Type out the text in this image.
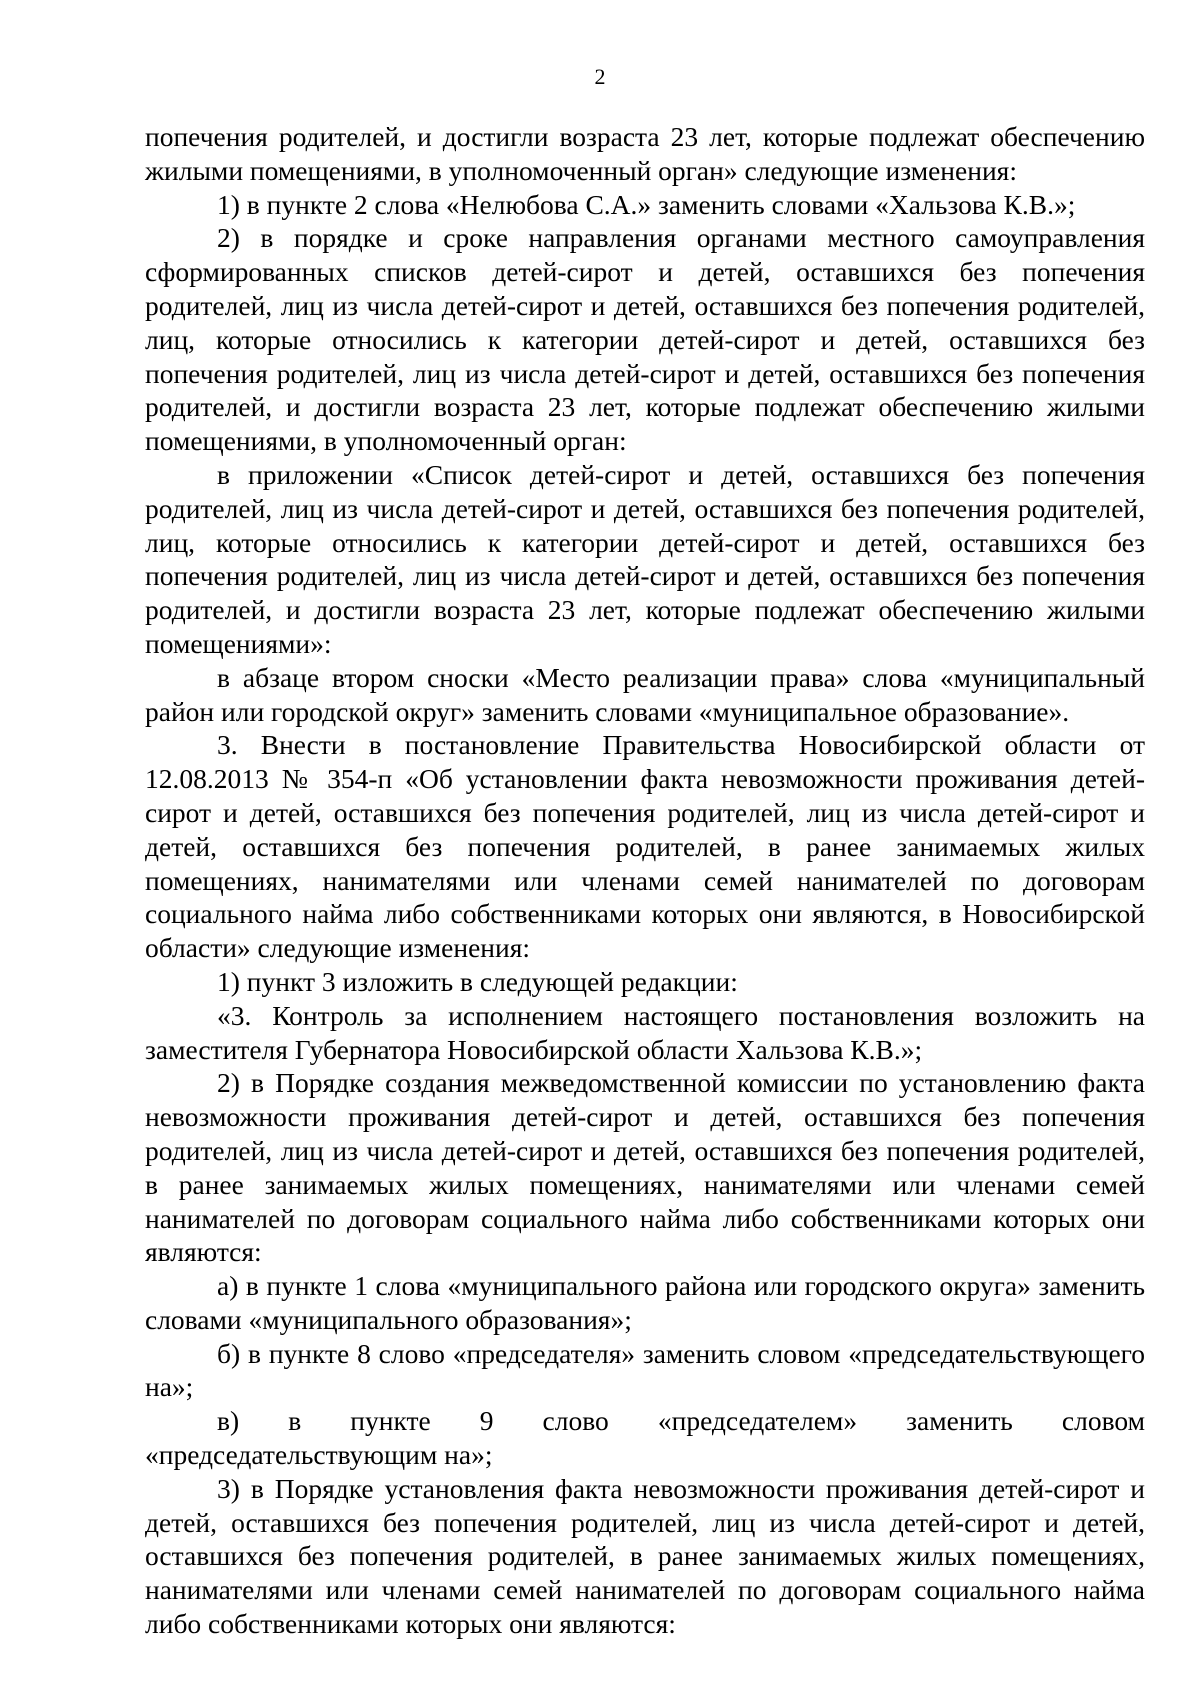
2

попечения родителей, и достигли возраста 23 лет, которые подлежат обеспечению жилыми помещениями, в уполномоченный орган» следующие изменения:

1) в пункте 2 слова «Нелюбова С.А.» заменить словами «Хальзова К.В.»;

2) в порядке и сроке направления органами местного самоуправления сформированных списков детей-сирот и детей, оставшихся без попечения родителей, лиц из числа детей-сирот и детей, оставшихся без попечения родителей, лиц, которые относились к категории детей-сирот и детей, оставшихся без попечения родителей, лиц из числа детей-сирот и детей, оставшихся без попечения родителей, и достигли возраста 23 лет, которые подлежат обеспечению жилыми помещениями, в уполномоченный орган:

в приложении «Список детей-сирот и детей, оставшихся без попечения родителей, лиц из числа детей-сирот и детей, оставшихся без попечения родителей, лиц, которые относились к категории детей-сирот и детей, оставшихся без попечения родителей, лиц из числа детей-сирот и детей, оставшихся без попечения родителей, и достигли возраста 23 лет, которые подлежат обеспечению жилыми помещениями»:

в абзаце втором сноски «Место реализации права» слова «муниципальный район или городской округ» заменить словами «муниципальное образование».

3. Внести в постановление Правительства Новосибирской области от 12.08.2013 № 354-п «Об установлении факта невозможности проживания детей-сирот и детей, оставшихся без попечения родителей, лиц из числа детей-сирот и детей, оставшихся без попечения родителей, в ранее занимаемых жилых помещениях, нанимателями или членами семей нанимателей по договорам социального найма либо собственниками которых они являются, в Новосибирской области» следующие изменения:

1) пункт 3 изложить в следующей редакции:

«3. Контроль за исполнением настоящего постановления возложить на заместителя Губернатора Новосибирской области Хальзова К.В.»;

2) в Порядке создания межведомственной комиссии по установлению факта невозможности проживания детей-сирот и детей, оставшихся без попечения родителей, лиц из числа детей-сирот и детей, оставшихся без попечения родителей, в ранее занимаемых жилых помещениях, нанимателями или членами семей нанимателей по договорам социального найма либо собственниками которых они являются:

а) в пункте 1 слова «муниципального района или городского округа» заменить словами «муниципального образования»;

б) в пункте 8 слово «председателя» заменить словом «председательствующего на»;

в) в пункте 9 слово «председателем» заменить словом «председательствующим на»;

3) в Порядке установления факта невозможности проживания детей-сирот и детей, оставшихся без попечения родителей, лиц из числа детей-сирот и детей, оставшихся без попечения родителей, в ранее занимаемых жилых помещениях, нанимателями или членами семей нанимателей по договорам социального найма либо собственниками которых они являются:
